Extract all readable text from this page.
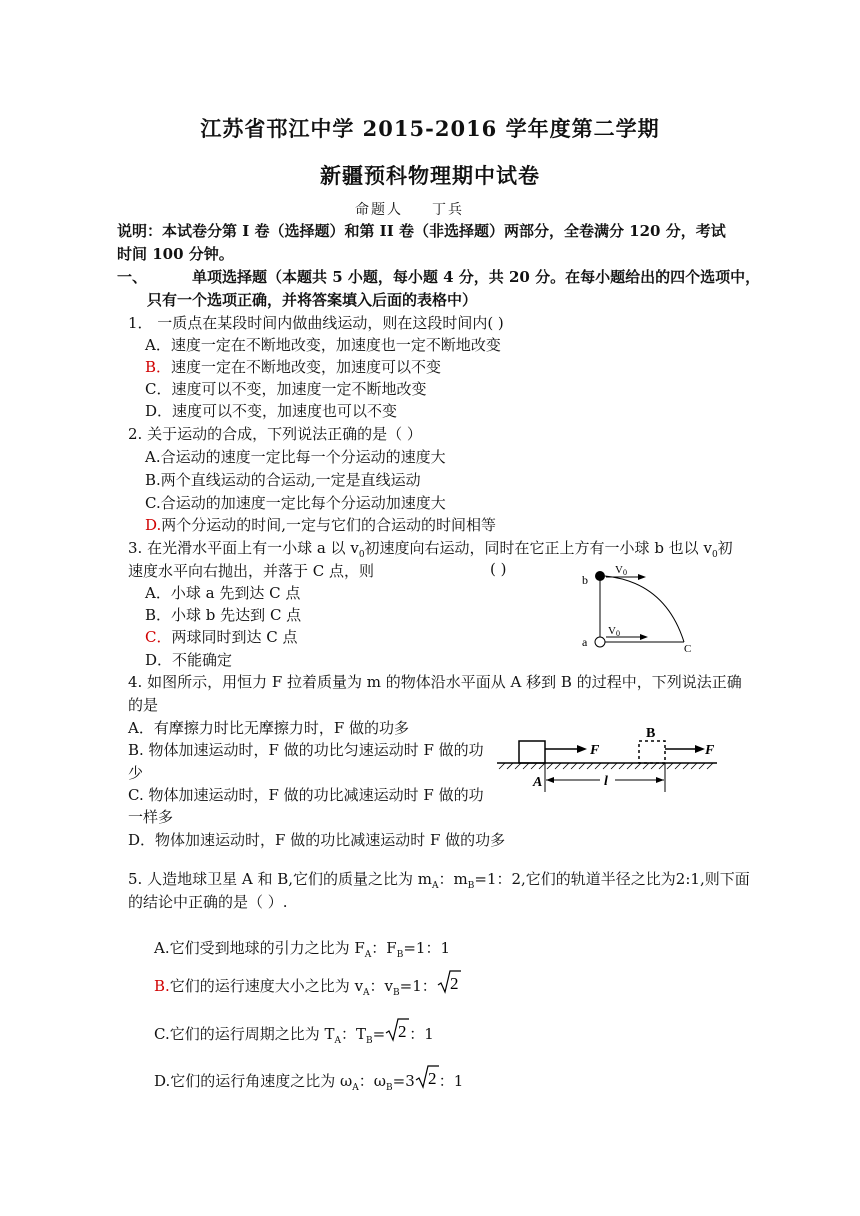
江苏省邗江中学 2015-2016 学年度第二学期
新疆预科物理期中试卷
命题人 丁兵
说明：本试卷分第 I 卷（选择题）和第 II 卷（非选择题）两部分，全卷满分 120 分，考试
时间 100 分钟。
一、	单项选择题（本题共 5 小题，每小题 4 分，共 20 分。在每小题给出的四个选项中，
只有一个选项正确，并将答案填入后面的表格中）
1． 一质点在某段时间内做曲线运动，则在这段时间内( )
A．速度一定在不断地改变，加速度也一定不断地改变
B．速度一定在不断地改变，加速度可以不变
C．速度可以不变，加速度一定不断地改变
D．速度可以不变，加速度也可以不变
2. 关于运动的合成，下列说法正确的是（ ）
A.合运动的速度一定比每一个分运动的速度大
B.两个直线运动的合运动,一定是直线运动
C.合运动的加速度一定比每个分运动加速度大
D.两个分运动的时间,一定与它们的合运动的时间相等
3. 在光滑水平面上有一小球 a 以 $v_0$初速度向右运动，同时在它正上方有一小球 b 也以 $v_0$初
速度水平向右抛出，并落于 C 点，则	( )
A．小球 a 先到达 C 点
B．小球 b 先达到 C 点
C．两球同时到达 C 点
D．不能确定
b
a	C
V0
V0
4. 如图所示，用恒力 F 拉着质量为 m 的物体沿水平面从 A 移到 B 的过程中，下列说法正确
的是
A．有摩擦力时比无摩擦力时，F 做的功多
B. 物体加速运动时，F 做的功比匀速运动时 F 做的功
少
C. 物体加速运动时，F 做的功比减速运动时 F 做的功
一样多
D．物体加速运动时，F 做的功比减速运动时 F 做的功多
F
B
F
A	l
5. 人造地球卫星 A 和 B,它们的质量之比为 $m_A$：$m_B=1$：2,它们的轨道半径之比为2:1,则下面
的结论中正确的是（ ）.
A.它们受到地球的引力之比为 $F_A$：$F_B=1$：1
B.它们的运行速度大小之比为 $v_A$：$v_B=1$： 2
C.它们的运行周期之比为 $T_A$：$T_B= 2$ ：1
D.它们的运行角速度之比为 $\omega_A$：$\omega_B=3$ 2 ：1
